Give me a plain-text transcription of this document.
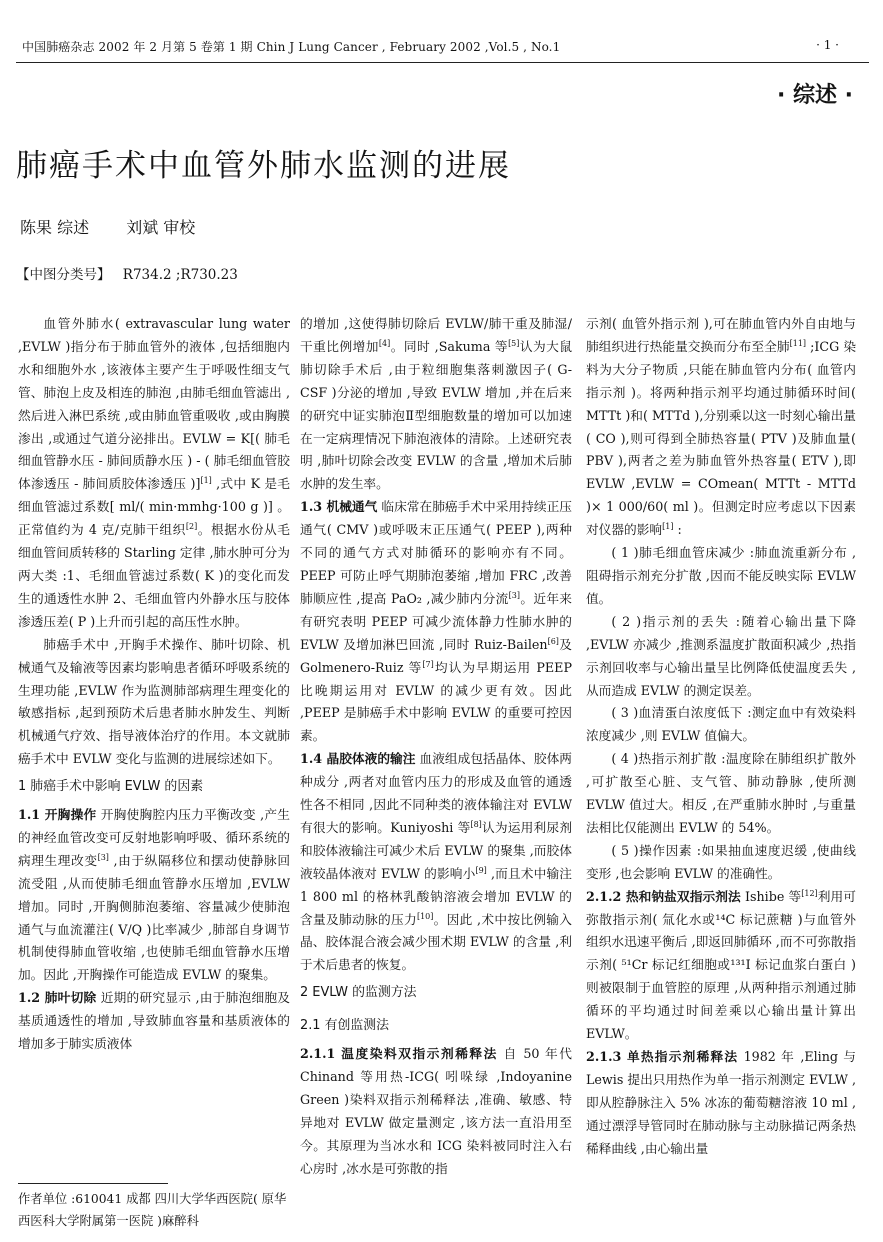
中国肺癌杂志 2002 年 2 月第 5 卷第 1 期 Chin J Lung Cancer , February 2002 ,Vol.5 , No.1	· 1 ·
· 综述 ·
肺癌手术中血管外肺水监测的进展
陈果 综述 刘斌 审校
【中图分类号】 R734.2 ;R730.23

血管外肺水( extravascular lung water ,EVLW )指分布于肺血管外的液体 ,包括细胞内水和细胞外水 ,该液体主要产生于呼吸性细支气管、肺泡上皮及相连的肺泡 ,由肺毛细血管滤出 ,然后进入淋巴系统 ,或由肺血管重吸收 ,或由胸膜渗出 ,或通过气道分泌排出。EVLW = K[( 肺毛细血管静水压 - 肺间质静水压 ) - ( 肺毛细血管胶体渗透压 - 肺间质胶体渗透压 )][1] ,式中 K 是毛细血管滤过系数[ ml/( min·mmhg·100 g )] 。正常值约为 4 克/克肺干组织[2]。根据水份从毛细血管间质转移的 Starling 定律 ,肺水肿可分为两大类 :1、毛细血管滤过系数( K )的变化而发生的通透性水肿 2、毛细血管内外静水压与胶体渗透压差( P )上升而引起的高压性水肿。

肺癌手术中 ,开胸手术操作、肺叶切除、机械通气及输液等因素均影响患者循环呼吸系统的生理功能 ,EVLW 作为监测肺部病理生理变化的敏感指标 ,起到预防术后患者肺水肿发生、判断机械通气疗效、指导液体治疗的作用。本文就肺癌手术中 EVLW 变化与监测的进展综述如下。

1 肺癌手术中影响 EVLW 的因素

1.1 开胸操作 开胸使胸腔内压力平衡改变 ,产生的神经血管改变可反射地影响呼吸、循环系统的病理生理改变[3] ,由于纵隔移位和摆动使静脉回流受阻 ,从而使肺毛细血管静水压增加 ,EVLW 增加。同时 ,开胸侧肺泡萎缩、容量减少使肺泡通气与血流灌注( V/Q )比率减少 ,肺部自身调节机制使得肺血管收缩 ,也使肺毛细血管静水压增加。因此 ,开胸操作可能造成 EVLW 的聚集。

1.2 肺叶切除 近期的研究显示 ,由于肺泡细胞及基质通透性的增加 ,导致肺血容量和基质液体的增加多于肺实质液体

的增加 ,这使得肺切除后 EVLW/肺干重及肺湿/干重比例增加[4]。同时 ,Sakuma 等[5]认为大鼠肺切除手术后 ,由于粒细胞集落刺激因子( G-CSF )分泌的增加 ,导致 EVLW 增加 ,并在后来的研究中证实肺泡Ⅱ型细胞数量的增加可以加速在一定病理情况下肺泡液体的清除。上述研究表明 ,肺叶切除会改变 EVLW 的含量 ,增加术后肺水肿的发生率。

1.3 机械通气 临床常在肺癌手术中采用持续正压通气( CMV )或呼吸末正压通气( PEEP ),两种不同的通气方式对肺循环的影响亦有不同。PEEP 可防止呼气期肺泡萎缩 ,增加 FRC ,改善肺顺应性 ,提高 PaO₂ ,减少肺内分流[3]。近年来有研究表明 PEEP 可减少流体静力性肺水肿的 EVLW 及增加淋巴回流 ,同时 Ruiz-Bailen[6]及 Golmenero-Ruiz 等[7]均认为早期运用 PEEP 比晚期运用对 EVLW 的减少更有效。因此 ,PEEP 是肺癌手术中影响 EVLW 的重要可控因素。

1.4 晶胶体液的输注 血液组成包括晶体、胶体两种成分 ,两者对血管内压力的形成及血管的通透性各不相同 ,因此不同种类的液体输注对 EVLW 有很大的影响。Kuniyoshi 等[8]认为运用利尿剂和胶体液输注可减少术后 EVLW 的聚集 ,而胶体液较晶体液对 EVLW 的影响小[9] ,而且术中输注 1 800 ml 的格林乳酸钠溶液会增加 EVLW 的含量及肺动脉的压力[10]。因此 ,术中按比例输入晶、胶体混合液会减少围术期 EVLW 的含量 ,利于术后患者的恢复。

2 EVLW 的监测方法
2.1 有创监测法

2.1.1 温度染料双指示剂稀释法 自 50 年代 Chinand 等用热-ICG( 吲哚绿 ,Indoyanine Green )染料双指示剂稀释法 ,准确、敏感、特异地对 EVLW 做定量测定 ,该方法一直沿用至今。其原理为当冰水和 ICG 染料被同时注入右心房时 ,冰水是可弥散的指

示剂( 血管外指示剂 ),可在肺血管内外自由地与肺组织进行热能量交换而分布至全肺[11] ;ICG 染料为大分子物质 ,只能在肺血管内分布( 血管内指示剂 )。将两种指示剂平均通过肺循环时间( MTTt )和( MTTd ),分别乘以这一时刻心输出量( CO ),则可得到全肺热容量( PTV )及肺血量( PBV ),两者之差为肺血管外热容量( ETV ),即 EVLW ,EVLW = COmean( MTTt - MTTd )× 1 000/60( ml )。但测定时应考虑以下因素对仪器的影响[1] :

( 1 )肺毛细血管床减少 :肺血流重新分布 ,阻碍指示剂充分扩散 ,因而不能反映实际 EVLW 值。

( 2 )指示剂的丢失 :随着心输出量下降 ,EVLW 亦减少 ,推测系温度扩散面积减少 ,热指示剂回收率与心输出量呈比例降低使温度丢失 ,从而造成 EVLW 的测定误差。

( 3 )血清蛋白浓度低下 :测定血中有效染料浓度减少 ,则 EVLW 值偏大。

( 4 )热指示剂扩散 :温度除在肺组织扩散外 ,可扩散至心脏、支气管、肺动静脉 ,使所测 EVLW 值过大。相反 ,在严重肺水肿时 ,与重量法相比仅能测出 EVLW 的 54%。

( 5 )操作因素 :如果抽血速度迟缓 ,使曲线变形 ,也会影响 EVLW 的准确性。

2.1.2 热和钠盐双指示剂法 Ishibe 等[12]利用可弥散指示剂( 氚化水或¹⁴C 标记蔗糖 )与血管外组织水迅速平衡后 ,即返回肺循环 ,而不可弥散指示剂( ⁵¹Cr 标记红细胞或¹³¹I 标记血浆白蛋白 )则被限制于血管腔的原理 ,从两种指示剂通过肺循环的平均通过时间差乘以心输出量计算出 EVLW。

2.1.3 单热指示剂稀释法 1982 年 ,Eling 与 Lewis 提出只用热作为单一指示剂测定 EVLW ,即从腔静脉注入 5% 冰冻的葡萄糖溶液 10 ml ,通过漂浮导管同时在肺动脉与主动脉描记两条热稀释曲线 ,由心输出量

作者单位 :610041 成都 四川大学华西医院( 原华西医科大学附属第一医院 )麻醉科
